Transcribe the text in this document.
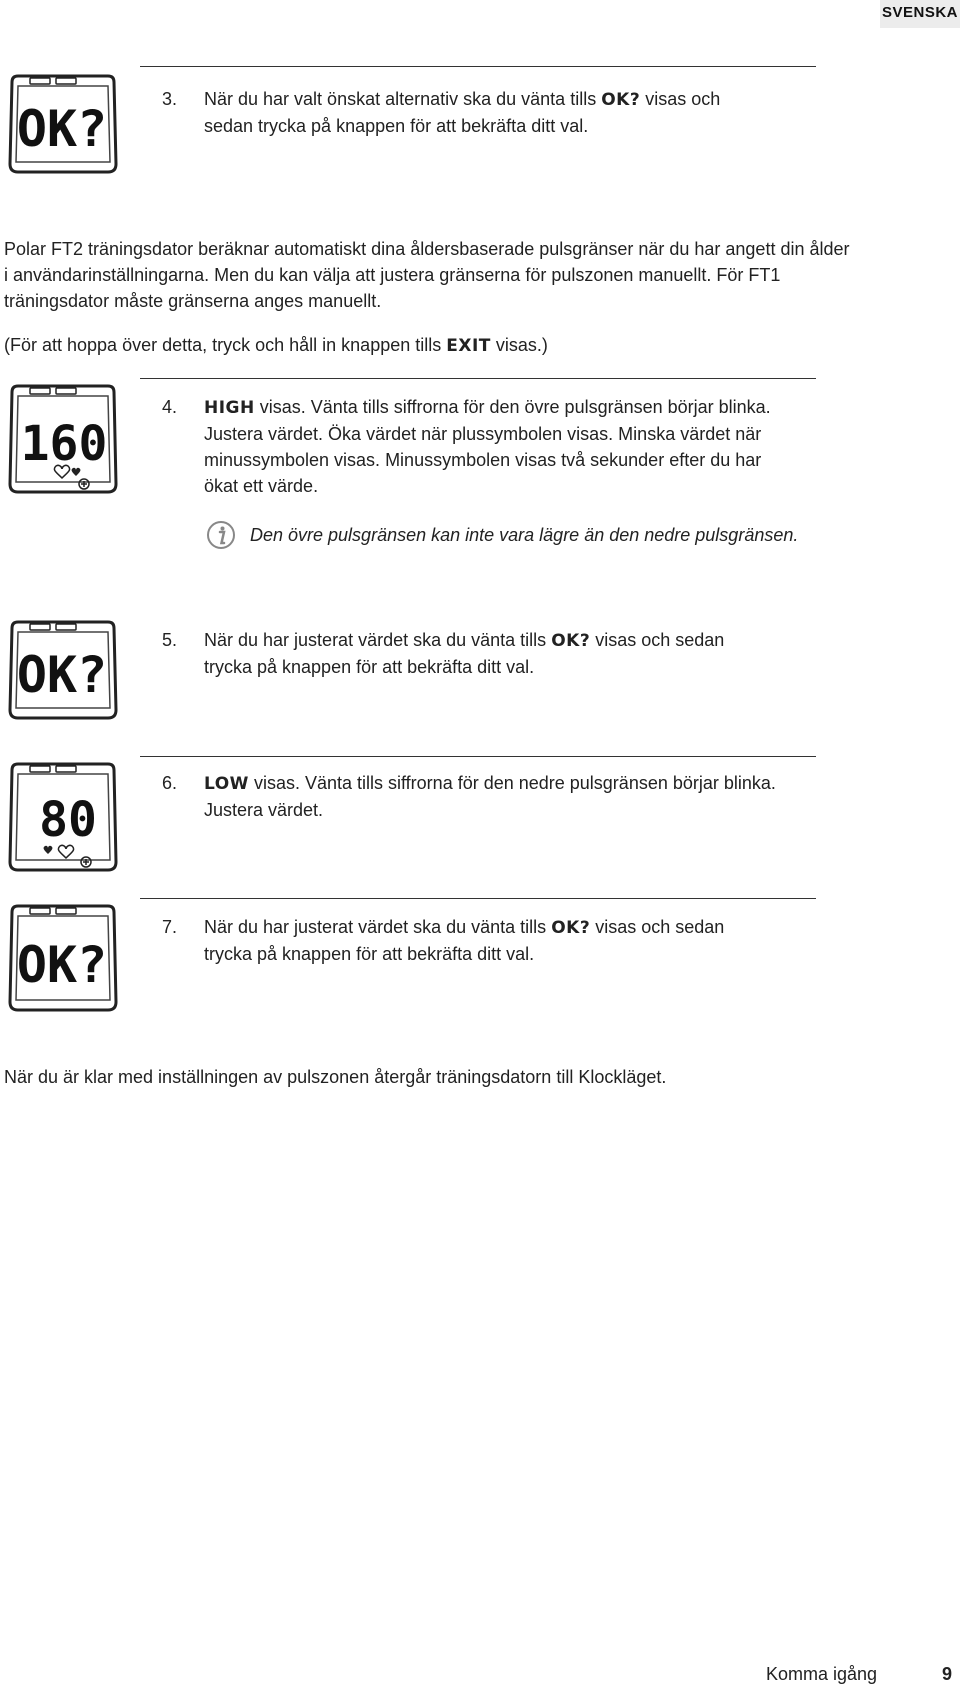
SVENSKA
OK?
3.	När du har valt önskat alternativ ska du vänta tills OK? visas och
sedan trycka på knappen för att bekräfta ditt val.
Polar FT2 träningsdator beräknar automatiskt dina åldersbaserade pulsgränser när du har angett din ålder
i användarinställningarna. Men du kan välja att justera gränserna för pulszonen manuellt. För FT1
träningsdator måste gränserna anges manuellt.
(För att hoppa över detta, tryck och håll in knappen tills EXIT visas.)
160
4.	HIGH visas. Vänta tills siffrorna för den övre pulsgränsen börjar blinka.
Justera värdet. Öka värdet när plussymbolen visas. Minska värdet när
minussymbolen visas. Minussymbolen visas två sekunder efter du har
ökat ett värde.
Den övre pulsgränsen kan inte vara lägre än den nedre pulsgränsen.
OK?
5.	När du har justerat värdet ska du vänta tills OK? visas och sedan
trycka på knappen för att bekräfta ditt val.
80
6.	LOW visas. Vänta tills siffrorna för den nedre pulsgränsen börjar blinka.
Justera värdet.
OK?
7.	När du har justerat värdet ska du vänta tills OK? visas och sedan
trycka på knappen för att bekräfta ditt val.
När du är klar med inställningen av pulszonen återgår träningsdatorn till Klockläget.
Komma igång	9
